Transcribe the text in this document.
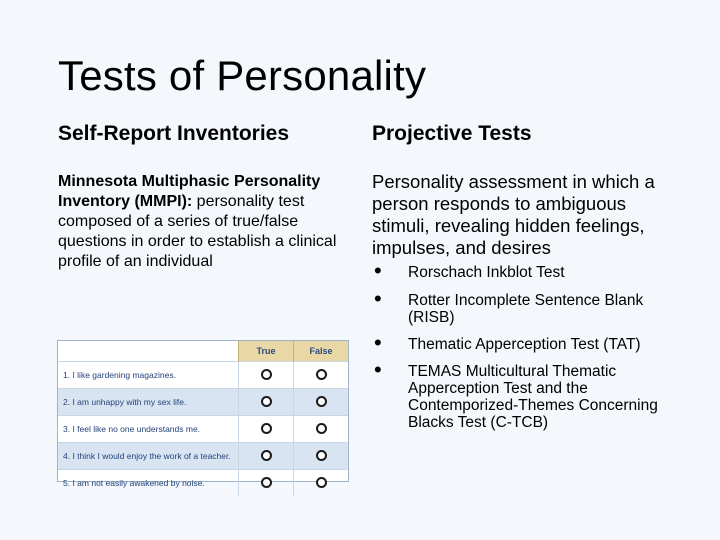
Tests of Personality
Self-Report Inventories	Projective Tests
Minnesota Multiphasic Personality Inventory (MMPI): personality test composed of a series of true/false questions in order to establish a clinical profile of an individual
Personality assessment in which a person responds to ambiguous stimuli, revealing hidden feelings, impulses, and desires
• Rorschach Inkblot Test
• Rotter Incomplete Sentence Blank (RISB)
• Thematic Apperception Test (TAT)
• TEMAS Multicultural Thematic Apperception Test and the Contemporized-Themes Concerning Blacks Test (C-TCB)
	True	False
1. I like gardening magazines.		
2. I am unhappy with my sex life.		
3. I feel like no one understands me.		
4. I think I would enjoy the work of a teacher.		
5. I am not easily awakened by noise.		
